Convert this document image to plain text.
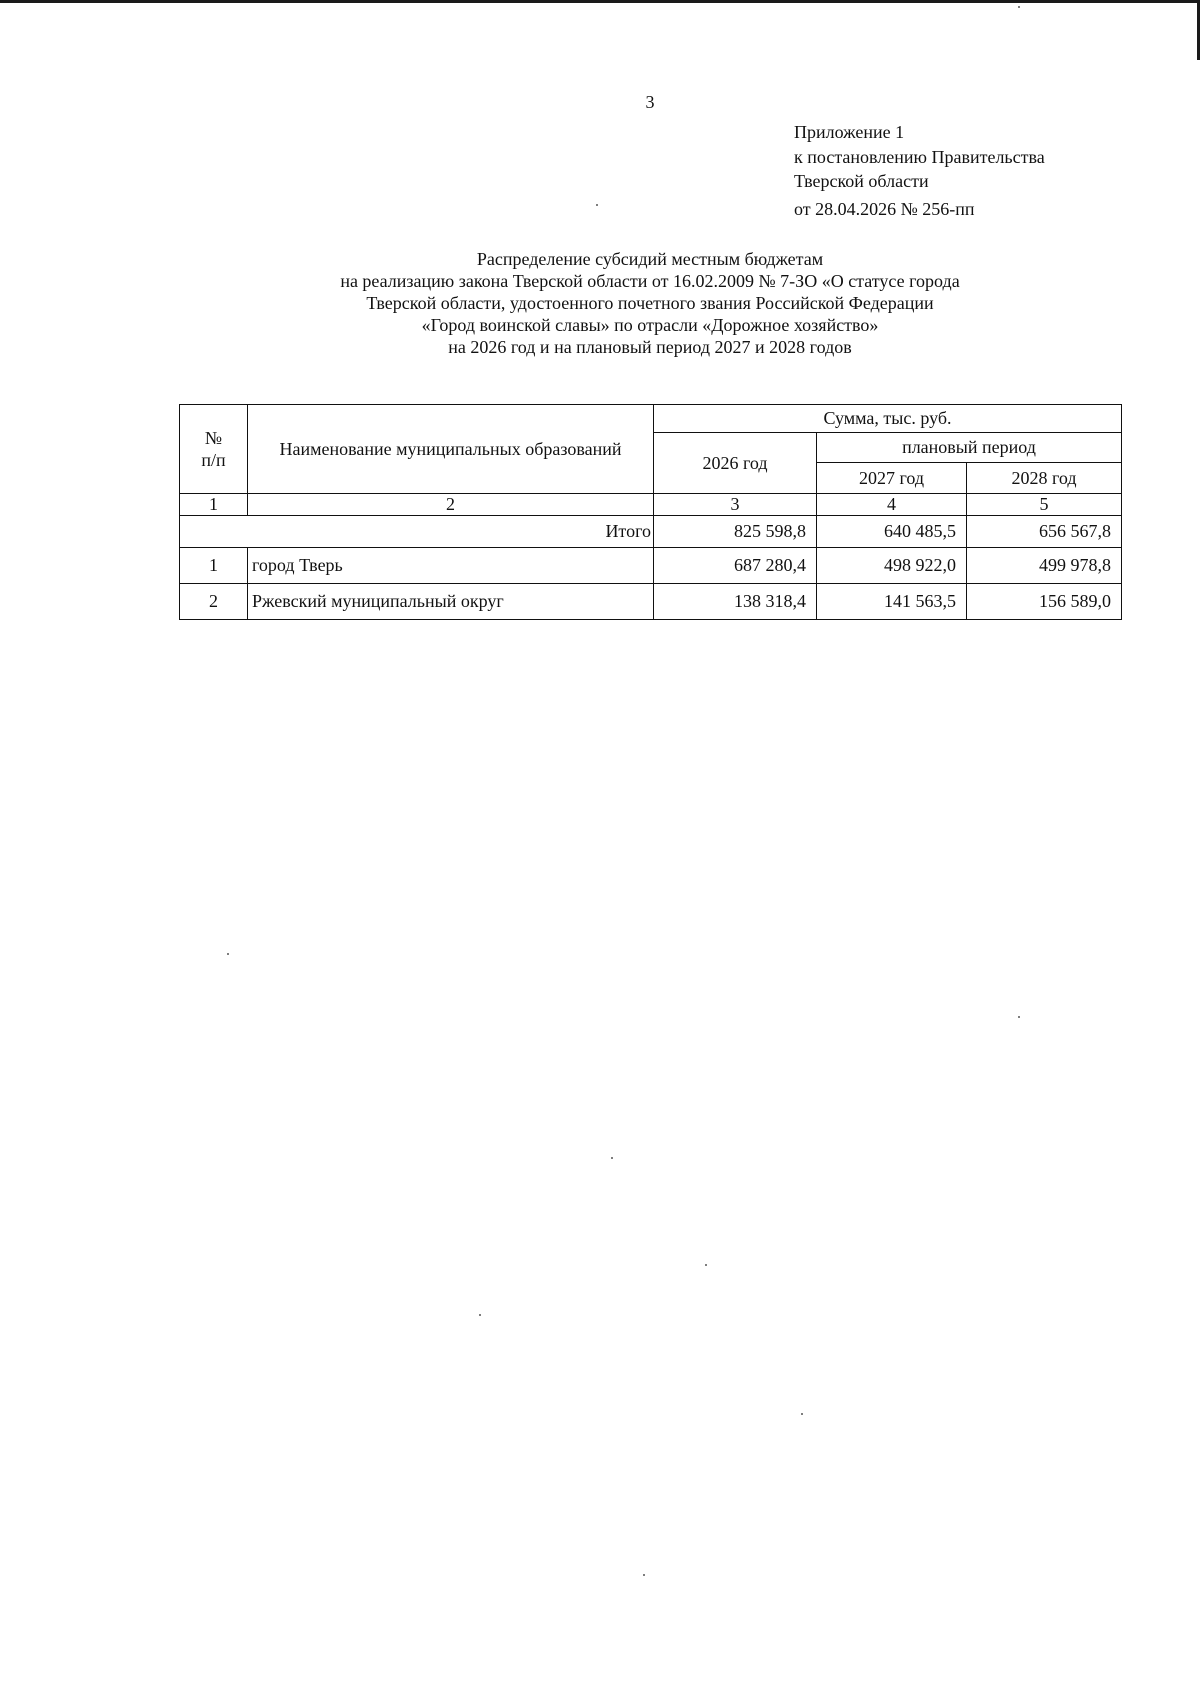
3
Приложение 1
к постановлению Правительства
Тверской области
от 28.04.2026 № 256-пп
Распределение субсидий местным бюджетам
на реализацию закона Тверской области от 16.02.2009 № 7-ЗО «О статусе города
Тверской области, удостоенного почетного звания Российской Федерации
«Город воинской славы» по отрасли «Дорожное хозяйство»
на 2026 год и на плановый период 2027 и 2028 годов
№
п/п	Наименование муниципальных образований	Сумма, тыс. руб.		
		2026 год	плановый период	
			2027 год	2028 год
1	2	3	4	5
Итого		825 598,8	640 485,5	656 567,8
1	город Тверь	687 280,4	498 922,0	499 978,8
2	Ржевский муниципальный округ	138 318,4	141 563,5	156 589,0
